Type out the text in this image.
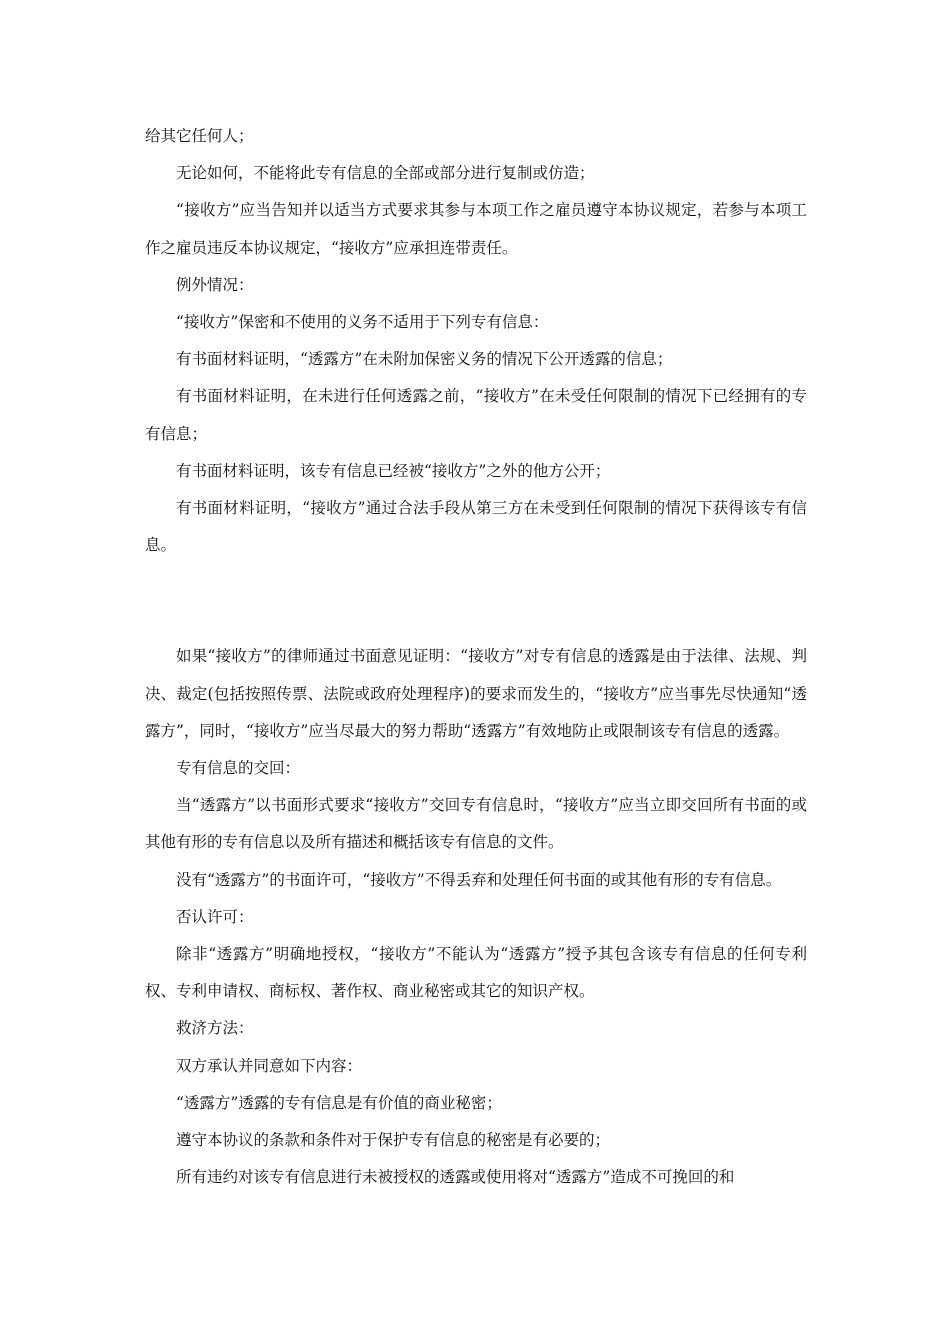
给其它任何人；

无论如何，不能将此专有信息的全部或部分进行复制或仿造；

“接收方”应当告知并以适当方式要求其参与本项工作之雇员遵守本协议规定，若参与本项工作之雇员违反本协议规定，“接收方”应承担连带责任。

例外情况：

“接收方”保密和不使用的义务不适用于下列专有信息：

有书面材料证明，“透露方”在未附加保密义务的情况下公开透露的信息；

有书面材料证明，在未进行任何透露之前，“接收方”在未受任何限制的情况下已经拥有的专有信息；

有书面材料证明，该专有信息已经被“接收方”之外的他方公开；

有书面材料证明，“接收方”通过合法手段从第三方在未受到任何限制的情况下获得该专有信息。

如果“接收方”的律师通过书面意见证明：“接收方”对专有信息的透露是由于法律、法规、判决、裁定(包括按照传票、法院或政府处理程序)的要求而发生的，“接收方”应当事先尽快通知“透露方”，同时，“接收方”应当尽最大的努力帮助“透露方”有效地防止或限制该专有信息的透露。

专有信息的交回：

当“透露方”以书面形式要求“接收方”交回专有信息时，“接收方”应当立即交回所有书面的或其他有形的专有信息以及所有描述和概括该专有信息的文件。

没有“透露方”的书面许可，“接收方”不得丢弃和处理任何书面的或其他有形的专有信息。

否认许可：

除非“透露方”明确地授权，“接收方”不能认为“透露方”授予其包含该专有信息的任何专利权、专利申请权、商标权、著作权、商业秘密或其它的知识产权。

救济方法：

双方承认并同意如下内容：

“透露方”透露的专有信息是有价值的商业秘密；

遵守本协议的条款和条件对于保护专有信息的秘密是有必要的；

所有违约对该专有信息进行未被授权的透露或使用将对“透露方”造成不可挽回的和
